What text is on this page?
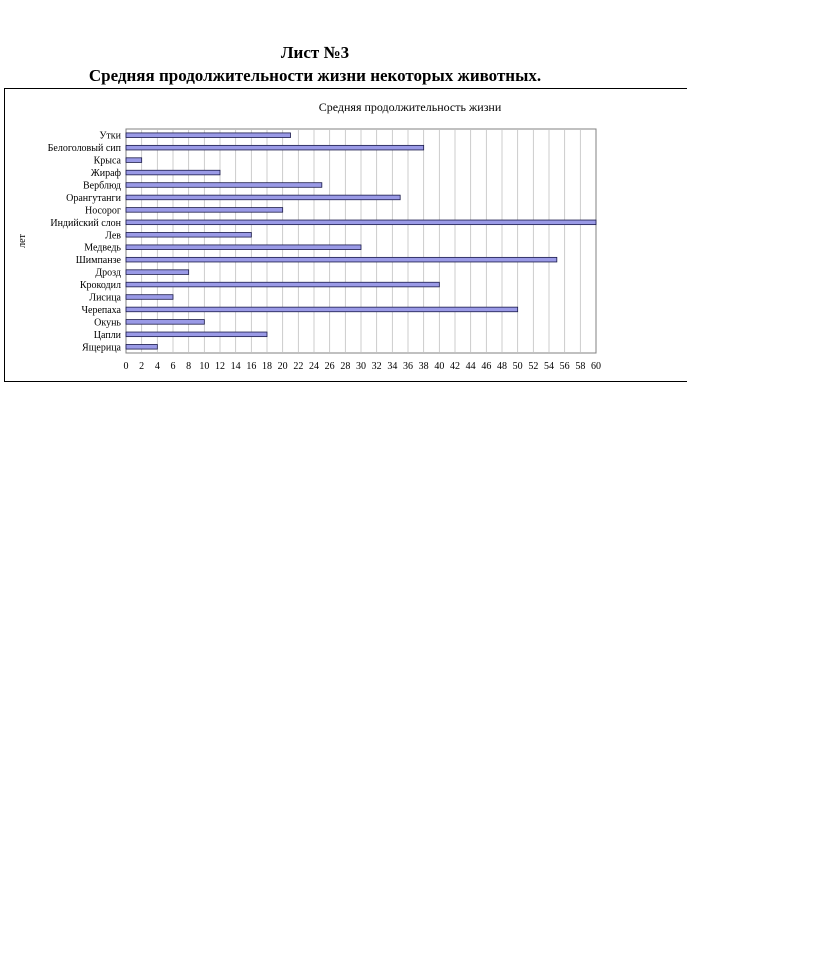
Лист №3
Средняя продолжительности жизни некоторых животных.
Средняя продолжительность жизни
лет
Утки
Белоголовый сип
Крыса
Жираф
Верблюд
Орангутанги
Носорог
Индийский слон
Лев
Медведь
Шимпанзе
Дрозд
Крокодил
Лисица
Черепаха
Окунь
Цапли
Ящерица
0 2 4 6 8 10 12 14 16 18 20 22 24 26 28 30 32 34 36 38 40 42 44 46 48 50 52 54 56 58 60
